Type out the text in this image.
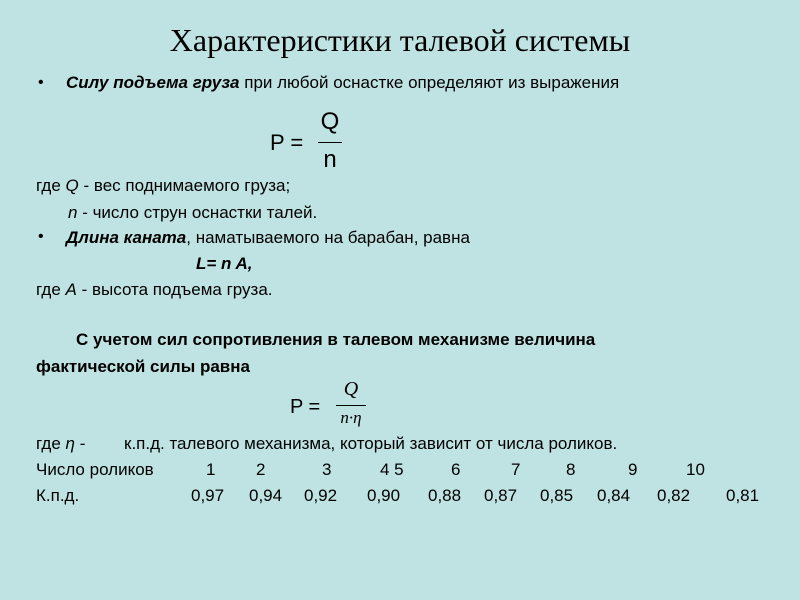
Характеристики талевой системы
• Силу подъема груза при любой оснастке определяют из выражения
P =
Q
n
где Q - вес поднимаемого груза;
n - число струн оснастки талей.
• Длина каната, наматываемого на барабан, равна
L= n A,
где A - высота подъема груза.
С учетом сил сопротивления в талевом механизме величина
фактической силы равна
P =
Q
n·η
где η - к.п.д. талевого механизма, который зависит от числа роликов.
Число роликов	1 2	3	4 5	6	7	8	9	10
К.п.д.	0,97 0,94 0,92 0,90 0,88 0,87 0,85 0,84 0,82 0,81
